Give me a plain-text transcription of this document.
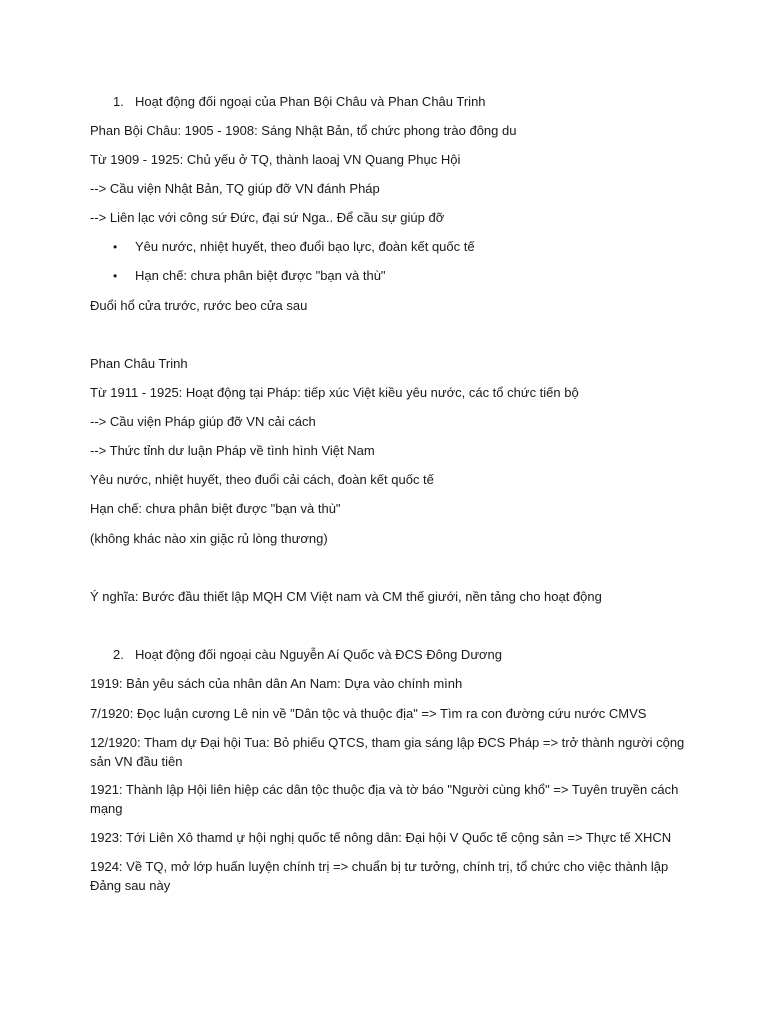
1. Hoạt động đối ngoại của Phan Bội Châu và Phan Châu Trinh
Phan Bội Châu: 1905 - 1908: Sáng Nhật Bản, tổ chức phong trào đông du
Từ 1909 - 1925: Chủ yếu ở TQ, thành laoaj VN Quang Phục Hội
--> Cầu viện Nhật Bản, TQ giúp đỡ VN đánh Pháp
--> Liên lạc với công sứ Đức, đại sứ Nga.. Để cầu sự giúp đỡ
• Yêu nước, nhiệt huyết, theo đuổi bạo lực, đoàn kết quốc tế
• Hạn chế: chưa phân biệt được "bạn và thù"
Đuổi hổ cửa trước, rước beo cửa sau
Phan Châu Trinh
Từ 1911 - 1925: Hoạt động tại Pháp: tiếp xúc Việt kiều yêu nước, các tổ chức tiến bộ
--> Cầu viện Pháp giúp đỡ VN cải cách
--> Thức tỉnh dư luận Pháp về tình hình Việt Nam
Yêu nước, nhiệt huyết, theo đuổi cải cách, đoàn kết quốc tế
Hạn chế: chưa phân biệt được "bạn và thù"
(không khác nào xin giặc rủ lòng thương)
Ý nghĩa: Bước đầu thiết lập MQH CM Việt nam và CM thế giưới, nền tảng cho hoạt động
2. Hoạt động đối ngoại càu Nguyễn Aí Quốc và ĐCS Đông Dương
1919: Bản yêu sách của nhân dân An Nam: Dựa vào chính mình
7/1920: Đọc luận cương Lê nin về "Dân tộc và thuộc địa" => Tìm ra con đường cứu nước CMVS
12/1920: Tham dự Đại hội Tua: Bỏ phiếu QTCS, tham gia sáng lập ĐCS Pháp => trở thành người cộng sản VN đầu tiên
1921: Thành lập Hội liên hiệp các dân tộc thuộc địa và tờ báo "Người cùng khổ" => Tuyên truyền cách mạng
1923: Tới Liên Xô thamd ự hội nghị quốc tế nông dân: Đại hội V Quốc tế cộng sản => Thực tế XHCN
1924: Về TQ, mở lớp huấn luyện chính trị => chuẩn bị tư tưởng, chính trị, tổ chức cho việc thành lập Đảng sau này
